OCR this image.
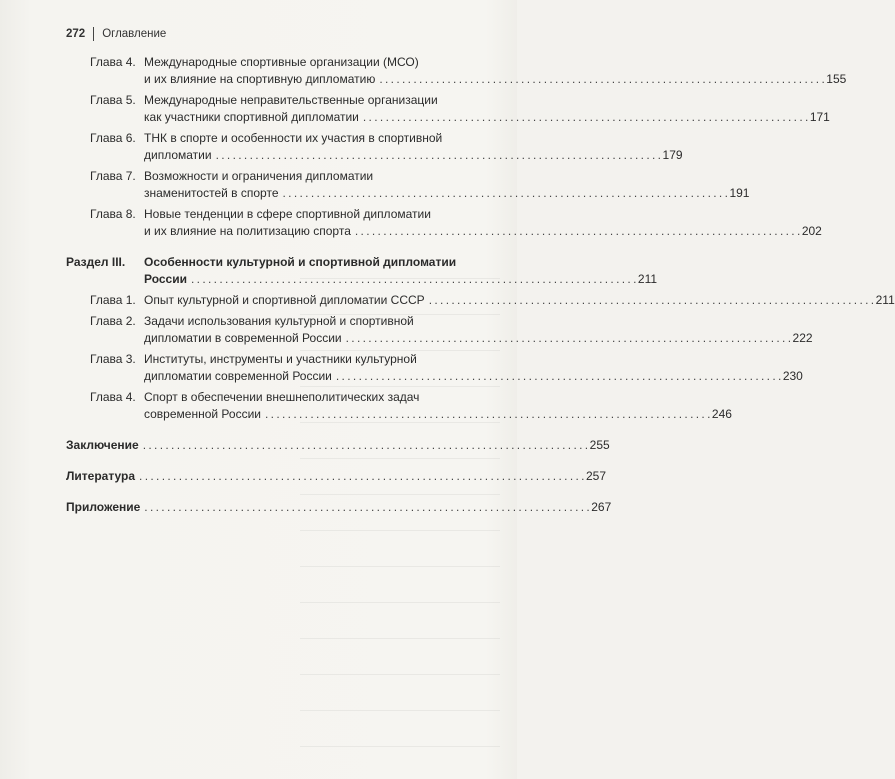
272 Оглавление
Глава 4. Международные спортивные организации (МСО)
и их влияние на спортивную дипломатию . . .	155
Глава 5. Международные неправительственные организации
как участники спортивной дипломатии . . .	171
Глава 6. ТНК в спорте и особенности их участия в спортивной
дипломатии . . .	179
Глава 7. Возможности и ограничения дипломатии
знаменитостей в спорте . . .	191
Глава 8. Новые тенденции в сфере спортивной дипломатии
и их влияние на политизацию спорта . . .	202
Раздел III.	Особенности культурной и спортивной дипломатии
России . . .	211
Глава 1. Опыт культурной и спортивной дипломатии СССР . . .	211
Глава 2. Задачи использования культурной и спортивной
дипломатии в современной России . . .	222
Глава 3. Институты, инструменты и участники культурной
дипломатии современной России . . .	230
Глава 4. Спорт в обеспечении внешнеполитических задач
современной России . . .	246
Заключение . . .	255
Литература . . .	257
Приложение . . .	267
